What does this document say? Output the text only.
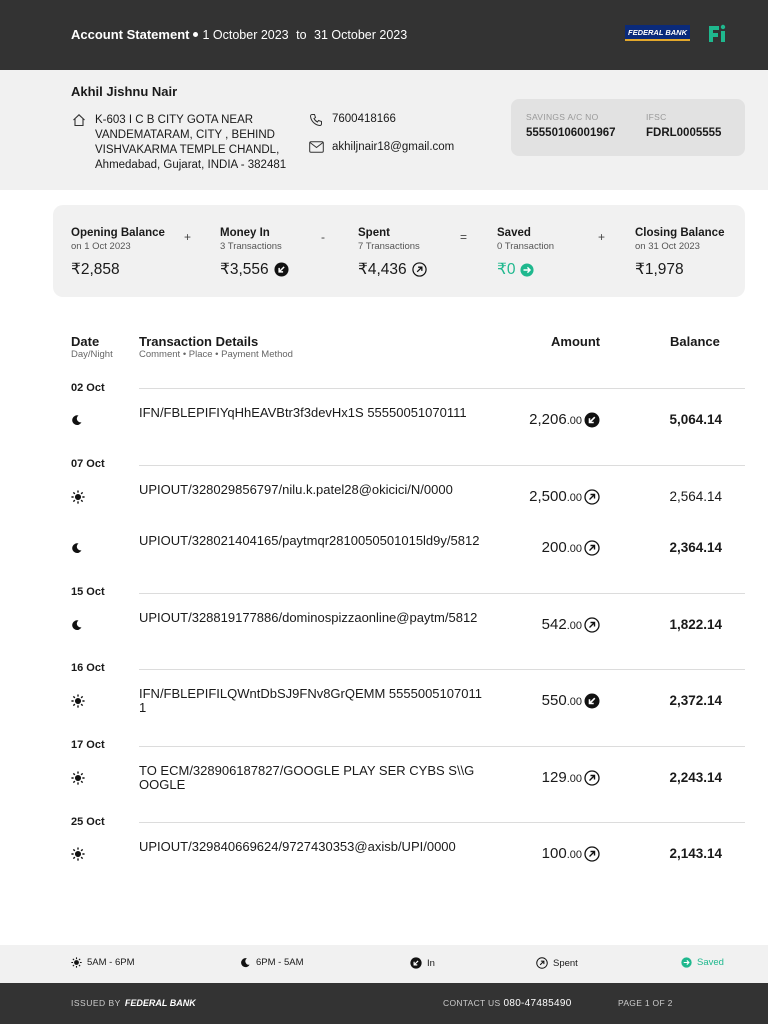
Account Statement 1 October 2023 to 31 October 2023	FEDERAL BANK
Akhil Jishnu Nair
K-603 I C B CITY GOTA NEAR VANDEMATARAM, CITY , BEHIND VISHVAKARMA TEMPLE CHANDL, Ahmedabad, Gujarat, INDIA - 382481
7600418166
akhiljnair18@gmail.com
SAVINGS A/C NO
55550106001967
IFSC
FDRL0005555
Opening Balance
on 1 Oct 2023
₹2,858
+	Money In
3 Transactions
₹3,556
-	Spent
7 Transactions
₹4,436
=	Saved
0 Transaction
₹0
+	Closing Balance
on 31 Oct 2023
₹1,978
Date
Day/Night
Transaction Details
Comment • Place • Payment Method
Amount	Balance
02 Oct
IFN/FBLEPIFIYqHhEAVBtr3f3devHx1S 55550051070111	2,206 .00	5,064.14
07 Oct
UPIOUT/328029856797/nilu.k.patel28@okicici/N/0000	2,500 .00	2,564.14
UPIOUT/328021404165/paytmqr2810050501015ld9y/5812	200 .00	2,364.14
15 Oct
UPIOUT/328819177886/dominospizzaonline@paytm/5812	542 .00	1,822.14
16 Oct
IFN/FBLEPIFILQWntDbSJ9FNv8GrQEMM 55550051070111	550 .00	2,372.14
17 Oct
TO ECM/328906187827/GOOGLE PLAY SER CYBS S\\GOOGLE	129 .00	2,243.14
25 Oct
UPIOUT/329840669624/9727430353@axisb/UPI/0000	100 .00	2,143.14
5AM - 6PM	6PM - 5AM	In	Spent	Saved
ISSUED BY FEDERAL BANK	CONTACT US 080-47485490	PAGE 1 OF 2
